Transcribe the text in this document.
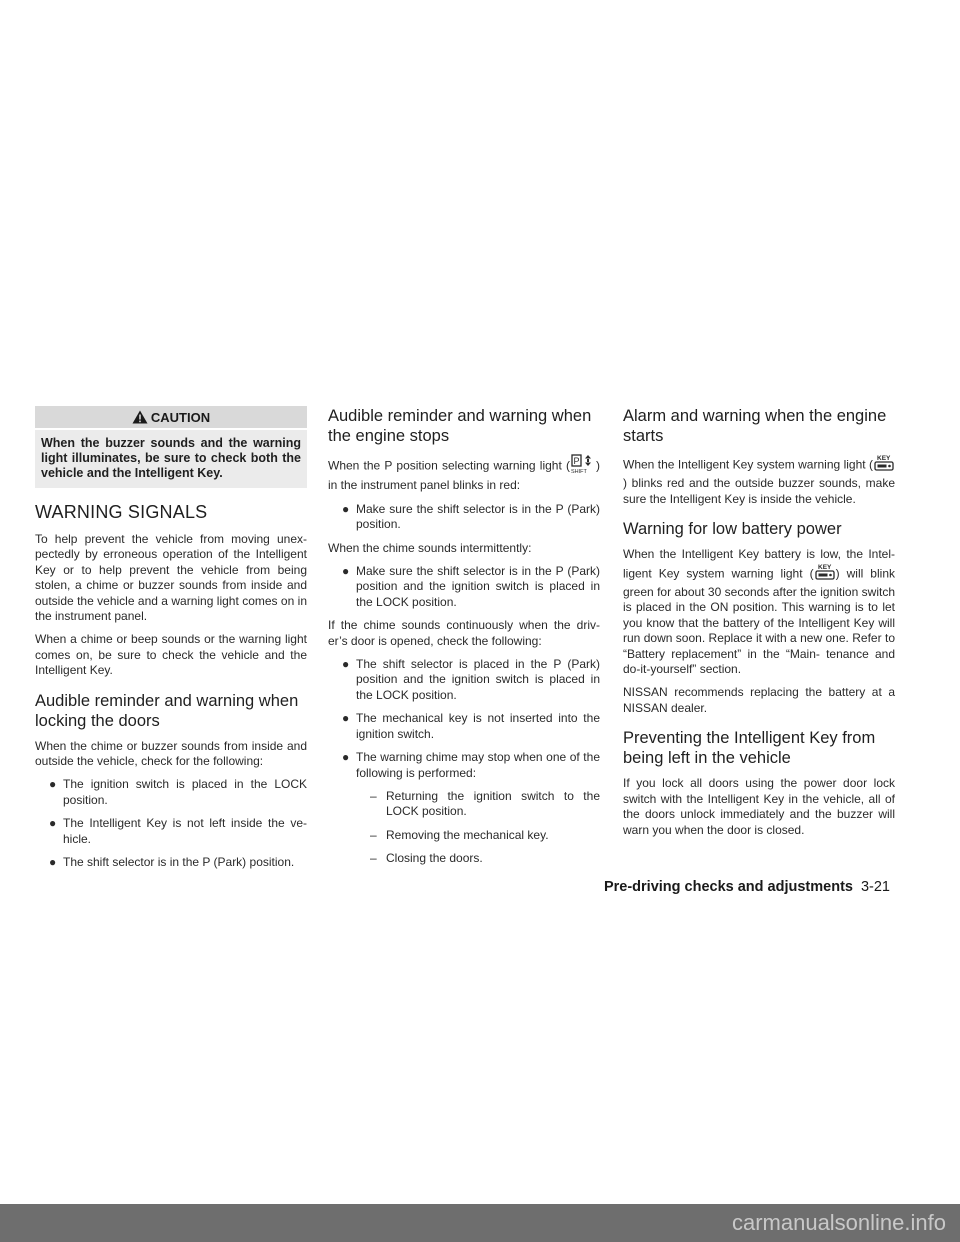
CAUTION
When the buzzer sounds and the warning light illuminates, be sure to check both the vehicle and the Intelligent Key.
WARNING SIGNALS

To help prevent the vehicle from moving unex- pectedly by erroneous operation of the Intelligent Key or to help prevent the vehicle from being stolen, a chime or buzzer sounds from inside and outside the vehicle and a warning light comes on in the instrument panel.

When a chime or beep sounds or the warning light comes on, be sure to check the vehicle and the Intelligent Key.

Audible reminder and warning when locking the doors

When the chime or buzzer sounds from inside and outside the vehicle, check for the following:

● The ignition switch is placed in the LOCK position.
● The Intelligent Key is not left inside the ve- hicle.
● The shift selector is in the P (Park) position.
Audible reminder and warning when the engine stops

When the P position selecting warning light ( P
SHIFT ) in the instrument panel blinks in red:

● Make sure the shift selector is in the P (Park) position.

When the chime sounds intermittently:

● Make sure the shift selector is in the P (Park) position and the ignition switch is placed in the LOCK position.

If the chime sounds continuously when the driv- er’s door is opened, check the following:

● The shift selector is placed in the P (Park) position and the ignition switch is placed in the LOCK position.
● The mechanical key is not inserted into the ignition switch.
● The warning chime may stop when one of the following is performed:
– Returning the ignition switch to the LOCK position.
– Removing the mechanical key.
– Closing the doors.
Alarm and warning when the engine starts

When the Intelligent Key system warning light ( KEY
) blinks red and the outside buzzer sounds, make sure the Intelligent Key is inside the vehicle.

Warning for low battery power

When the Intelligent Key battery is low, the Intel- ligent Key system warning light ( KEY ) will blink green for about 30 seconds after the ignition switch is placed in the ON position. This warning is to let you know that the battery of the Intelligent Key will run down soon. Replace it with a new one. Refer to “Battery replacement” in the “Main- tenance and do-it-yourself” section.

NISSAN recommends replacing the battery at a NISSAN dealer.

Preventing the Intelligent Key from being left in the vehicle

If you lock all doors using the power door lock switch with the Intelligent Key in the vehicle, all of the doors unlock immediately and the buzzer will warn you when the door is closed.

Pre-driving checks and adjustments 3-21
carmanualsonline.info
